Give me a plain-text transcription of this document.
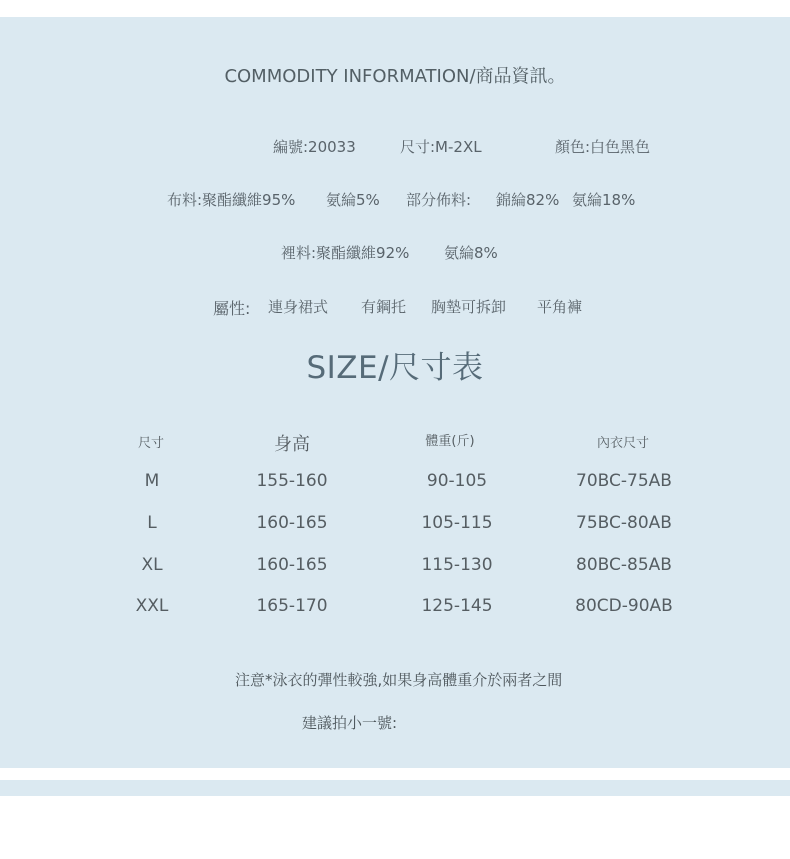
COMMODITY INFORMATION/商品資訊。
編號:20033	尺寸:M-2XL	顏色:白色黑色
布料:聚酯纖維95% 氨綸5% 部分佈料: 錦綸82% 氨綸18%
裡料:聚酯纖維92% 氨綸8%
屬性: 連身裙式 有鋼托 胸墊可拆卸 平角褲
SIZE/尺寸表
尺寸	身高	體重(斤)	內衣尺寸
M	155-160	90-105	70BC-75AB
L	160-165	105-115	75BC-80AB
XL	160-165	115-130	80BC-85AB
XXL	165-170	125-145	80CD-90AB
注意*泳衣的彈性較強,如果身高體重介於兩者之間
建議拍小一號:
